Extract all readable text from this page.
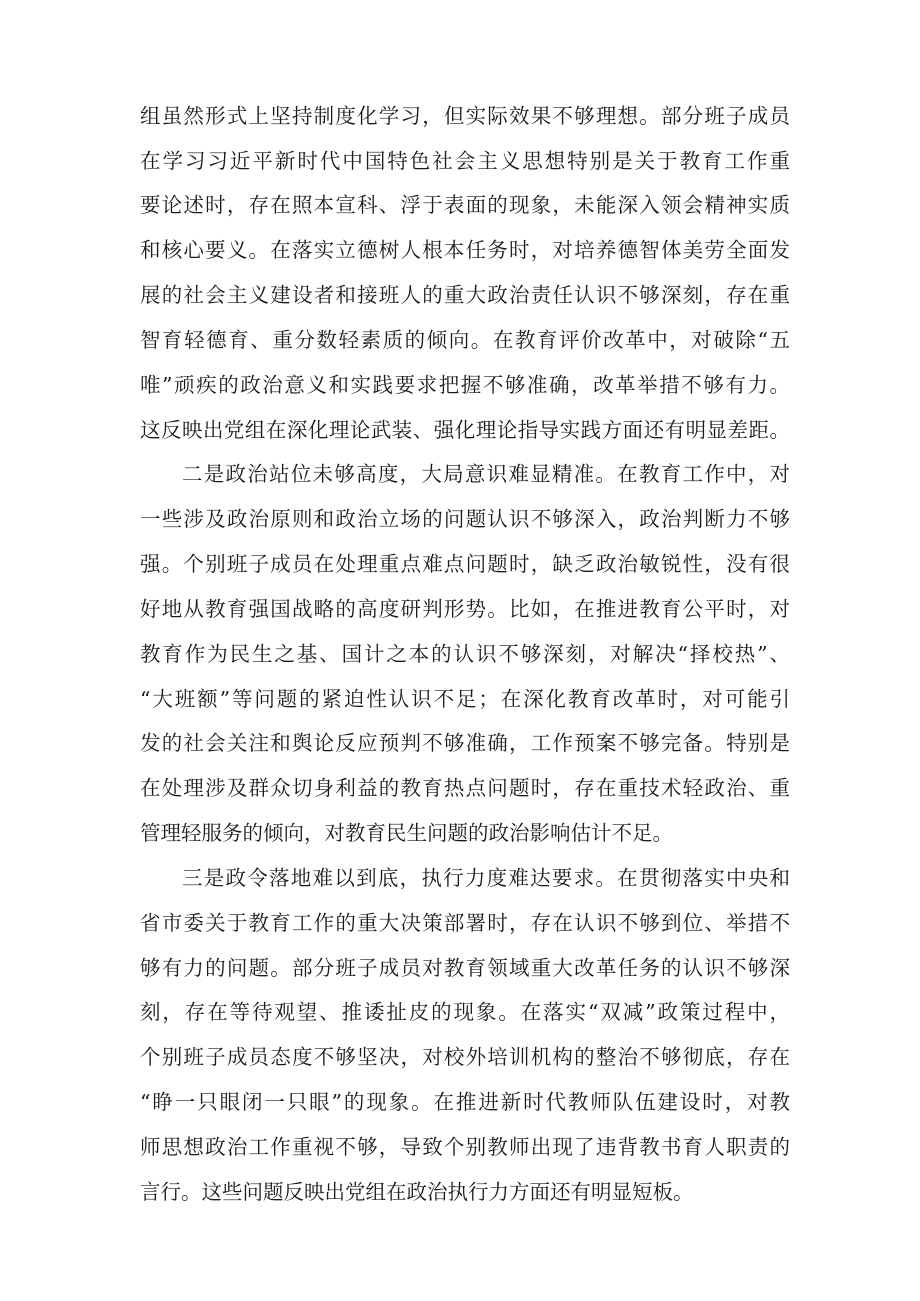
组虽然形式上坚持制度化学习，但实际效果不够理想。部分班子成员
在学习习近平新时代中国特色社会主义思想特别是关于教育工作重
要论述时，存在照本宣科、浮于表面的现象，未能深入领会精神实质
和核心要义。在落实立德树人根本任务时，对培养德智体美劳全面发
展的社会主义建设者和接班人的重大政治责任认识不够深刻，存在重
智育轻德育、重分数轻素质的倾向。在教育评价改革中，对破除“五
唯”顽疾的政治意义和实践要求把握不够准确，改革举措不够有力。
这反映出党组在深化理论武装、强化理论指导实践方面还有明显差距。
二是政治站位未够高度，大局意识难显精准。在教育工作中，对
一些涉及政治原则和政治立场的问题认识不够深入，政治判断力不够
强。个别班子成员在处理重点难点问题时，缺乏政治敏锐性，没有很
好地从教育强国战略的高度研判形势。比如，在推进教育公平时，对
教育作为民生之基、国计之本的认识不够深刻，对解决“择校热”、
“大班额”等问题的紧迫性认识不足；在深化教育改革时，对可能引
发的社会关注和舆论反应预判不够准确，工作预案不够完备。特别是
在处理涉及群众切身利益的教育热点问题时，存在重技术轻政治、重
管理轻服务的倾向，对教育民生问题的政治影响估计不足。
三是政令落地难以到底，执行力度难达要求。在贯彻落实中央和
省市委关于教育工作的重大决策部署时，存在认识不够到位、举措不
够有力的问题。部分班子成员对教育领域重大改革任务的认识不够深
刻，存在等待观望、推诿扯皮的现象。在落实“双减”政策过程中，
个别班子成员态度不够坚决，对校外培训机构的整治不够彻底，存在
“睁一只眼闭一只眼”的现象。在推进新时代教师队伍建设时，对教
师思想政治工作重视不够，导致个别教师出现了违背教书育人职责的
言行。这些问题反映出党组在政治执行力方面还有明显短板。
